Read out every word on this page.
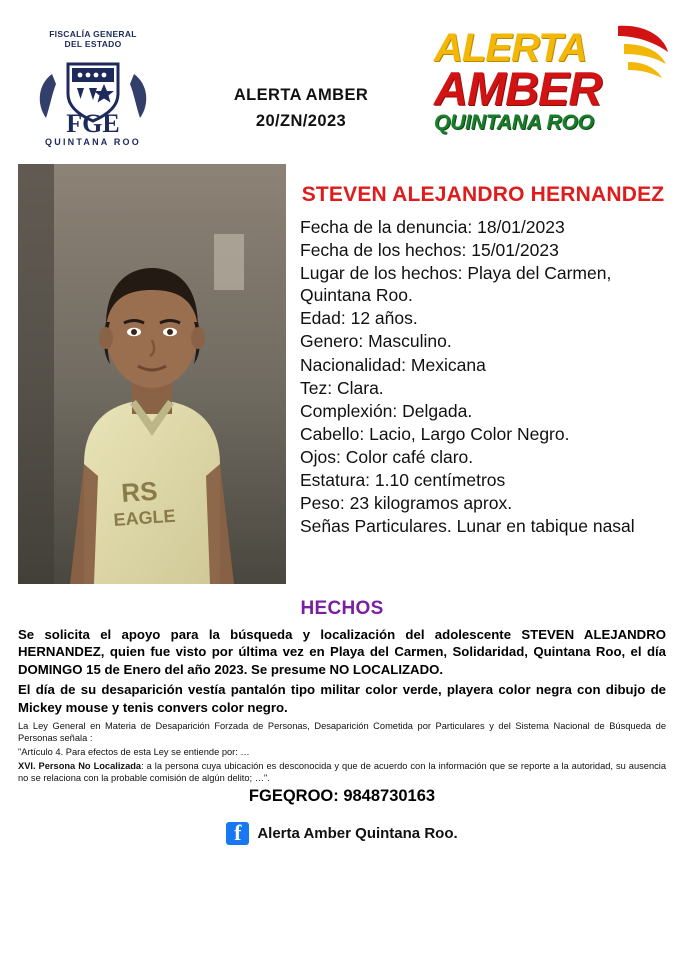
FISCALÍA GENERAL
DEL ESTADO
FGE
QUINTANA ROO
ALERTA AMBER
20/ZN/2023
ALERTA
AMBER
QUINTANA ROO
RS
EAGLE
STEVEN ALEJANDRO HERNANDEZ
Fecha de la denuncia: 18/01/2023
Fecha de los hechos: 15/01/2023
Lugar de los hechos: Playa del Carmen, Quintana Roo.
Edad: 12 años.
Genero: Masculino.
Nacionalidad: Mexicana
Tez: Clara.
Complexión: Delgada.
Cabello: Lacio, Largo Color Negro.
Ojos: Color café claro.
Estatura: 1.10 centímetros
Peso: 23 kilogramos aprox.
Señas Particulares. Lunar en tabique nasal
HECHOS

Se solicita el apoyo para la búsqueda y localización del adolescente STEVEN ALEJANDRO HERNANDEZ, quien fue visto por última vez en Playa del Carmen, Solidaridad, Quintana Roo, el día DOMINGO 15 de Enero del año 2023. Se presume NO LOCALIZADO.

El día de su desaparición vestía pantalón tipo militar color verde, playera color negra con dibujo de Mickey mouse y tenis convers color negro.

La Ley General en Materia de Desaparición Forzada de Personas, Desaparición Cometida por Particulares y del Sistema Nacional de Búsqueda de Personas señala :

"Artículo 4. Para efectos de esta Ley se entiende por: …

XVI. Persona No Localizada: a la persona cuya ubicación es desconocida y que de acuerdo con la información que se reporte a la autoridad, su ausencia no se relaciona con la probable comisión de algún delito; …".

FGEQROO: 9848730163
f
Alerta Amber Quintana Roo.
